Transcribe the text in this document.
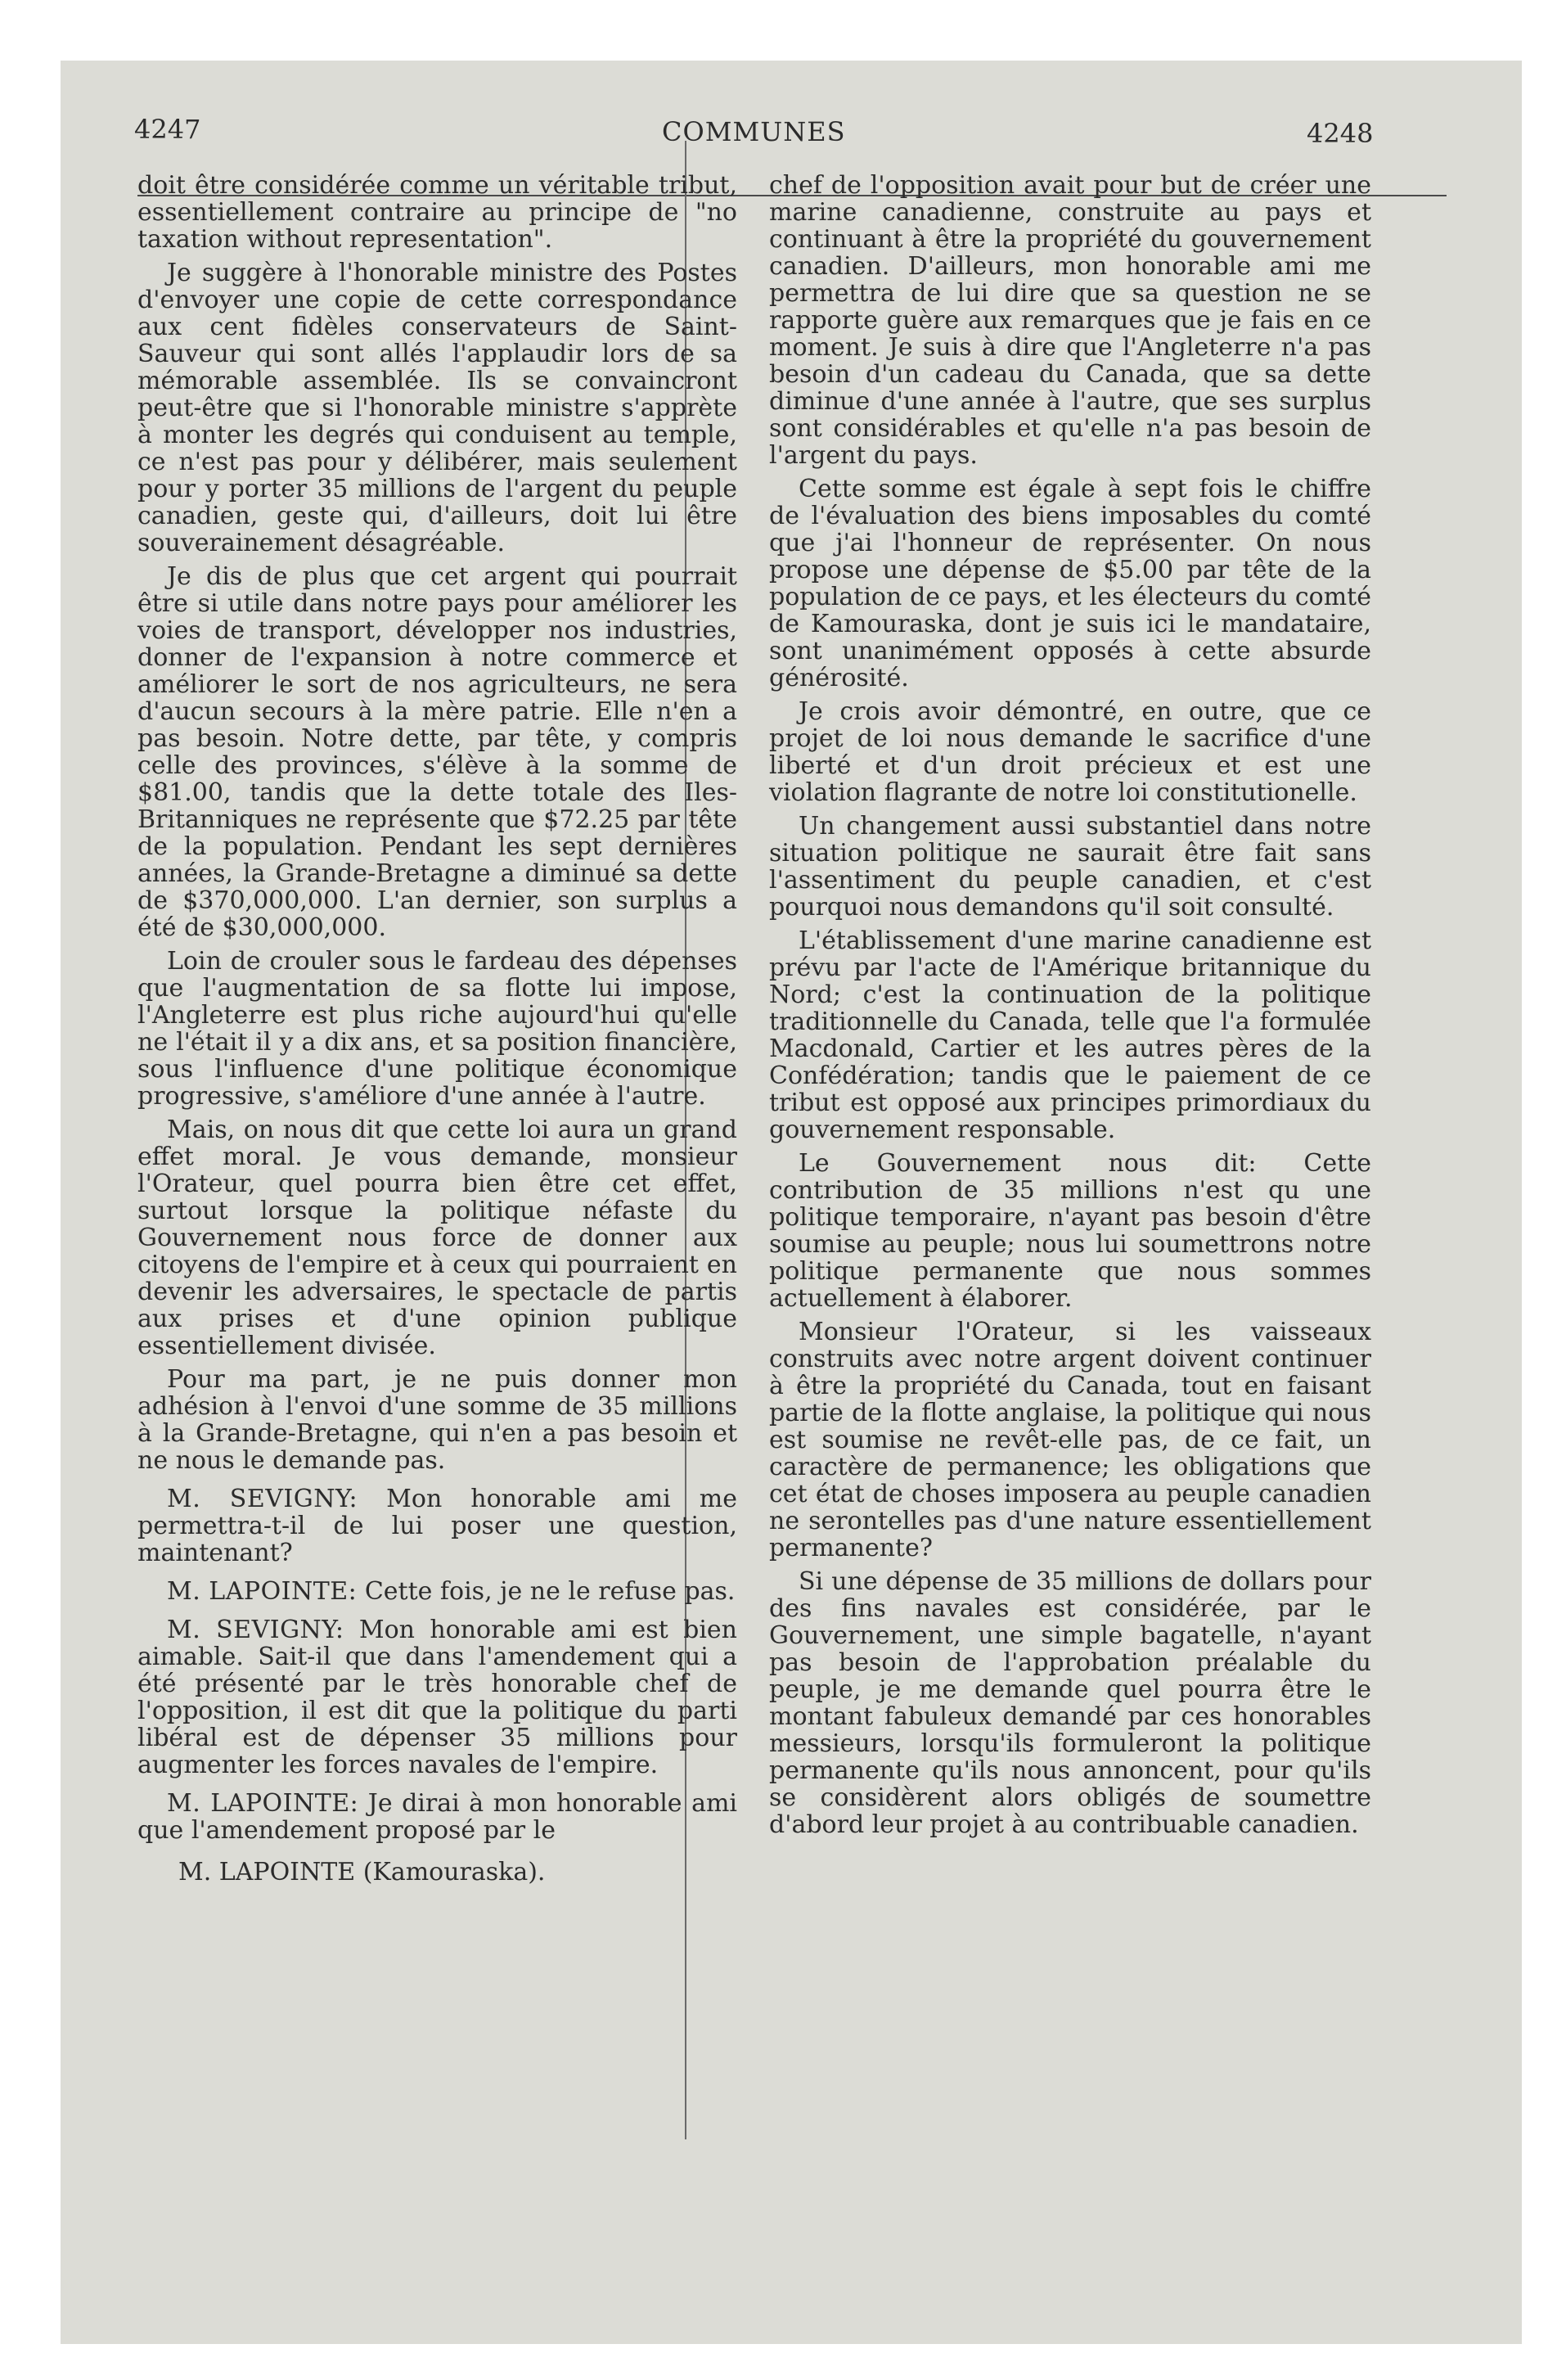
4247	COMMUNES	4248

doit être considérée comme un véritable tribut, essentiellement contraire au principe de "no taxation without representation".

Je suggère à l'honorable ministre des Postes d'envoyer une copie de cette correspondance aux cent fidèles conservateurs de Saint-Sauveur qui sont allés l'applaudir lors de sa mémorable assemblée. Ils se convaincront peut-être que si l'honorable ministre s'apprète à monter les degrés qui conduisent au temple, ce n'est pas pour y délibérer, mais seulement pour y porter 35 millions de l'argent du peuple canadien, geste qui, d'ailleurs, doit lui être souverainement désagréable.

Je dis de plus que cet argent qui pourrait être si utile dans notre pays pour améliorer les voies de transport, développer nos industries, donner de l'expansion à notre commerce et améliorer le sort de nos agriculteurs, ne sera d'aucun secours à la mère patrie. Elle n'en a pas besoin. Notre dette, par tête, y compris celle des provinces, s'élève à la somme de $81.00, tandis que la dette totale des Iles-Britanniques ne représente que $72.25 par tête de la population. Pendant les sept dernières années, la Grande-Bretagne a diminué sa dette de $370,000,000. L'an dernier, son surplus a été de $30,000,000.

Loin de crouler sous le fardeau des dépenses que l'augmentation de sa flotte lui impose, l'Angleterre est plus riche aujourd'hui qu'elle ne l'était il y a dix ans, et sa position financière, sous l'influence d'une politique économique progressive, s'améliore d'une année à l'autre.

Mais, on nous dit que cette loi aura un grand effet moral. Je vous demande, monsieur l'Orateur, quel pourra bien être cet effet, surtout lorsque la politique néfaste du Gouvernement nous force de donner aux citoyens de l'empire et à ceux qui pourraient en devenir les adversaires, le spectacle de partis aux prises et d'une opinion publique essentiellement divisée.

Pour ma part, je ne puis donner mon adhésion à l'envoi d'une somme de 35 millions à la Grande-Bretagne, qui n'en a pas besoin et ne nous le demande pas.

M. SEVIGNY: Mon honorable ami me permettra-t-il de lui poser une question, maintenant?

M. LAPOINTE: Cette fois, je ne le refuse pas.

M. SEVIGNY: Mon honorable ami est bien aimable. Sait-il que dans l'amendement qui a été présenté par le très honorable chef de l'opposition, il est dit que la politique du parti libéral est de dépenser 35 millions pour augmenter les forces navales de l'empire.

M. LAPOINTE: Je dirai à mon honorable ami que l'amendement proposé par le

M. LAPOINTE (Kamouraska).

chef de l'opposition avait pour but de créer une marine canadienne, construite au pays et continuant à être la propriété du gouvernement canadien. D'ailleurs, mon honorable ami me permettra de lui dire que sa question ne se rapporte guère aux remarques que je fais en ce moment. Je suis à dire que l'Angleterre n'a pas besoin d'un cadeau du Canada, que sa dette diminue d'une année à l'autre, que ses surplus sont considérables et qu'elle n'a pas besoin de l'argent du pays.

Cette somme est égale à sept fois le chiffre de l'évaluation des biens imposables du comté que j'ai l'honneur de représenter. On nous propose une dépense de $5.00 par tête de la population de ce pays, et les électeurs du comté de Kamouraska, dont je suis ici le mandataire, sont unanimément opposés à cette absurde générosité.

Je crois avoir démontré, en outre, que ce projet de loi nous demande le sacrifice d'une liberté et d'un droit précieux et est une violation flagrante de notre loi constitutionelle.

Un changement aussi substantiel dans notre situation politique ne saurait être fait sans l'assentiment du peuple canadien, et c'est pourquoi nous demandons qu'il soit consulté.

L'établissement d'une marine canadienne est prévu par l'acte de l'Amérique britannique du Nord; c'est la continuation de la politique traditionnelle du Canada, telle que l'a formulée Macdonald, Cartier et les autres pères de la Confédération; tandis que le paiement de ce tribut est opposé aux principes primordiaux du gouvernement responsable.

Le Gouvernement nous dit: Cette contribution de 35 millions n'est qu une politique temporaire, n'ayant pas besoin d'être soumise au peuple; nous lui soumettrons notre politique permanente que nous sommes actuellement à élaborer.

Monsieur l'Orateur, si les vaisseaux construits avec notre argent doivent continuer à être la propriété du Canada, tout en faisant partie de la flotte anglaise, la politique qui nous est soumise ne revêt-elle pas, de ce fait, un caractère de permanence; les obligations que cet état de choses imposera au peuple canadien ne serontelles pas d'une nature essentiellement permanente?

Si une dépense de 35 millions de dollars pour des fins navales est considérée, par le Gouvernement, une simple bagatelle, n'ayant pas besoin de l'approbation préalable du peuple, je me demande quel pourra être le montant fabuleux demandé par ces honorables messieurs, lorsqu'ils formuleront la politique permanente qu'ils nous annoncent, pour qu'ils se considèrent alors obligés de soumettre d'abord leur projet à au contribuable canadien.
